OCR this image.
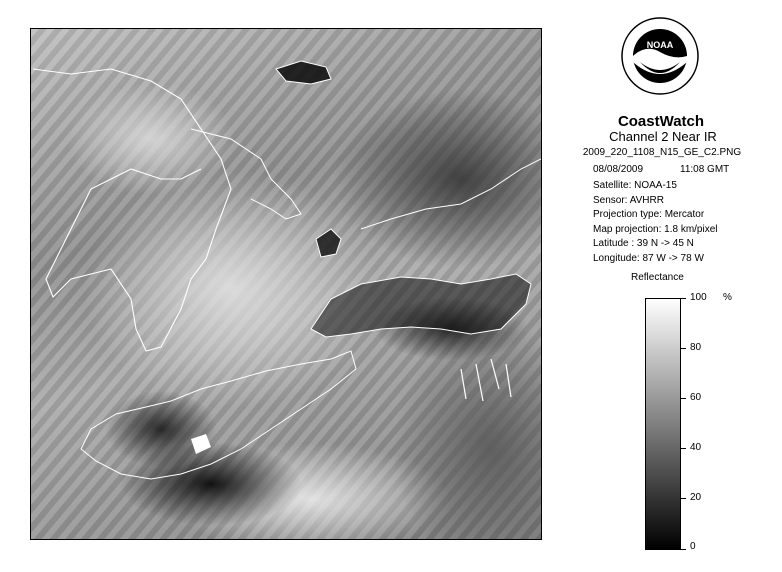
NOAA
CoastWatch
Channel 2 Near IR
2009_220_1108_N15_GE_C2.PNG
08/08/2009	11:08 GMT
Satellite: NOAA-15
Sensor: AVHRR
Projection type: Mercator
Map projection: 1.8 km/pixel
Latitude : 39 N -> 45 N
Longitude: 87 W -> 78 W
Reflectance
%
100
80
60
40
20
0
